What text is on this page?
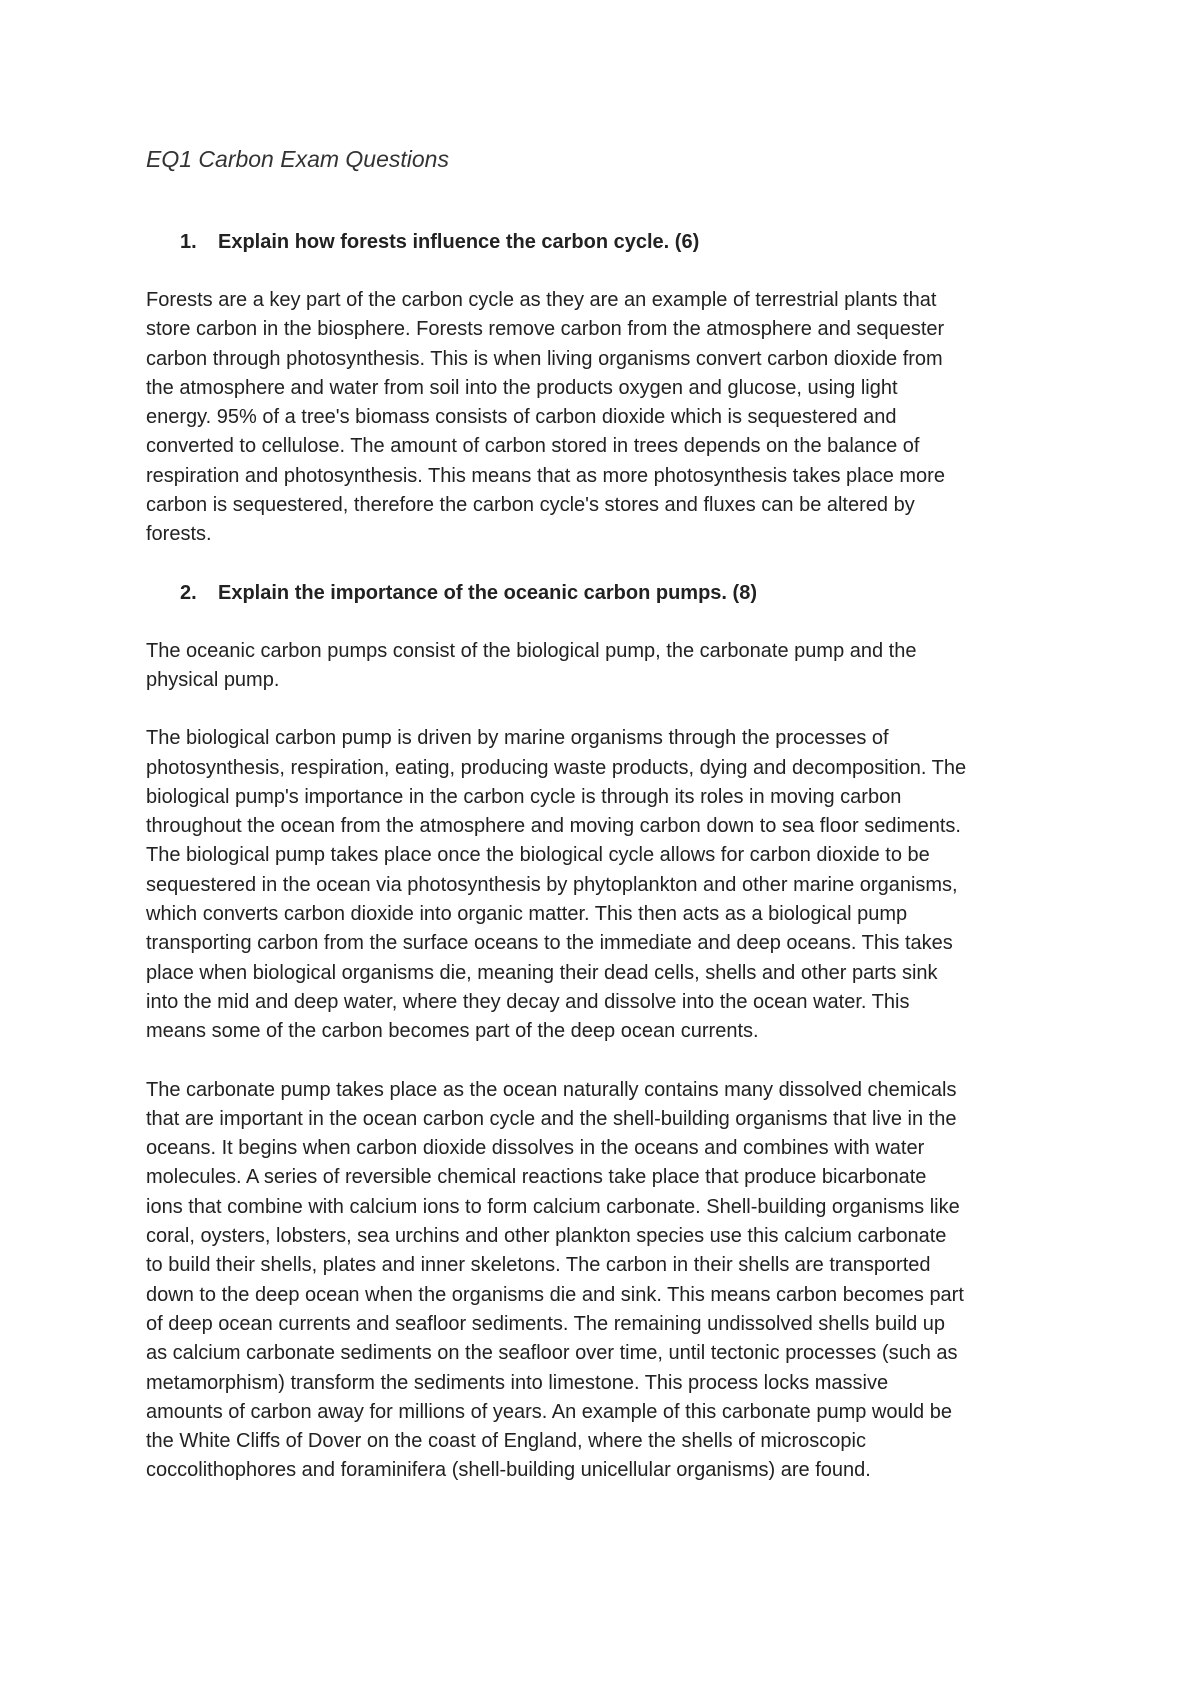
EQ1 Carbon Exam Questions
1.	Explain how forests influence the carbon cycle. (6)

Forests are a key part of the carbon cycle as they are an example of terrestrial plants that
store carbon in the biosphere. Forests remove carbon from the atmosphere and sequester
carbon through photosynthesis. This is when living organisms convert carbon dioxide from
the atmosphere and water from soil into the products oxygen and glucose, using light
energy. 95% of a tree's biomass consists of carbon dioxide which is sequestered and
converted to cellulose. The amount of carbon stored in trees depends on the balance of
respiration and photosynthesis. This means that as more photosynthesis takes place more
carbon is sequestered, therefore the carbon cycle's stores and fluxes can be altered by
forests.

2.	Explain the importance of the oceanic carbon pumps. (8)

The oceanic carbon pumps consist of the biological pump, the carbonate pump and the
physical pump.

The biological carbon pump is driven by marine organisms through the processes of
photosynthesis, respiration, eating, producing waste products, dying and decomposition. The
biological pump's importance in the carbon cycle is through its roles in moving carbon
throughout the ocean from the atmosphere and moving carbon down to sea floor sediments.
The biological pump takes place once the biological cycle allows for carbon dioxide to be
sequestered in the ocean via photosynthesis by phytoplankton and other marine organisms,
which converts carbon dioxide into organic matter. This then acts as a biological pump
transporting carbon from the surface oceans to the immediate and deep oceans. This takes
place when biological organisms die, meaning their dead cells, shells and other parts sink
into the mid and deep water, where they decay and dissolve into the ocean water. This
means some of the carbon becomes part of the deep ocean currents.

The carbonate pump takes place as the ocean naturally contains many dissolved chemicals
that are important in the ocean carbon cycle and the shell-building organisms that live in the
oceans. It begins when carbon dioxide dissolves in the oceans and combines with water
molecules. A series of reversible chemical reactions take place that produce bicarbonate
ions that combine with calcium ions to form calcium carbonate. Shell-building organisms like
coral, oysters, lobsters, sea urchins and other plankton species use this calcium carbonate
to build their shells, plates and inner skeletons. The carbon in their shells are transported
down to the deep ocean when the organisms die and sink. This means carbon becomes part
of deep ocean currents and seafloor sediments. The remaining undissolved shells build up
as calcium carbonate sediments on the seafloor over time, until tectonic processes (such as
metamorphism) transform the sediments into limestone. This process locks massive
amounts of carbon away for millions of years. An example of this carbonate pump would be
the White Cliffs of Dover on the coast of England, where the shells of microscopic
coccolithophores and foraminifera (shell-building unicellular organisms) are found.
